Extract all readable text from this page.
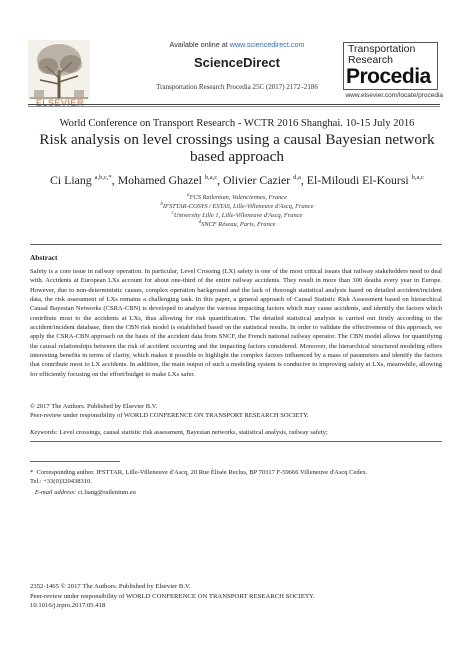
ELSEVIER
Available online at www.sciencedirect.com
ScienceDirect
Transportation Research Procedia 25C (2017) 2172–2186
Transportation
Research
Procedia
www.elsevier.com/locate/procedia
World Conference on Transport Research - WCTR 2016 Shanghai. 10-15 July 2016
Risk analysis on level crossings using a causal Bayesian network based approach
Ci Liang $^{a,b,c,*}$, Mohamed Ghazel $^{b,a,c}$, Olivier Cazier $^{d,a}$, El-Miloudi El-Koursi $^{b,a,c}$
$^a$FCS Railenium, Valenciennes, France
$^b$IFSTTAR-COSYS / ESTAS, Lille-Villeneuve d'Ascq, France
$^c$University Lille 1, Lille-Villeneuve d'Ascq, France
$^d$SNCF Réseau, Paris, France
Abstract

Safety is a core issue in railway operation. In particular, Level Crossing (LX) safety is one of the most critical issues that railway stakeholders need to deal with. Accidents at European LXs account for about one-third of the entire railway accidents. They result in more than 300 deaths every year in Europe. However, due to non-deterministic causes, complex operation background and the lack of thorough statistical analysis based on detailed accident/incident data, the risk assessment of LXs remains a challenging task. In this paper, a general approach of Causal Statistic Risk Assessment based on hierarchical Causal Bayesian Networks (CSRA-CBN) is developed to analyze the various impacting factors which may cause accidents, and identify the factors which contribute most to the accidents at LXs, thus allowing for risk quantification. The detailed statistical analysis is carried out firstly according to the accident/incident database, then the CBN risk model is established based on the statistical results. In order to validate the effectiveness of this approach, we apply the CSRA-CBN approach on the basis of the accident data from SNCF, the French national railway operator. The CBN model allows for quantifying the causal relationships between the risk of accident occurring and the impacting factors considered. Moreover, the hierarchical structured modeling offers interesting benefits in terms of clarity, which makes it possible to highlight the complex factors influenced by a mass of parameters and identify the factors that contribute most to LX accidents. In addition, the main output of such a modeling system is conducive to improving safety at LXs, meanwhile, allowing for efficiently focusing on the effort/budget to make LXs safer.

© 2017 The Authors. Published by Elsevier B.V.
Peer-review under responsibility of WORLD CONFERENCE ON TRANSPORT RESEARCH SOCIETY.
Keywords: Level crossings, causal statistic risk assessment, Bayesian networks, statistical analysis, railway safety;
* Corresponding author. IFSTTAR, Lille-Villeneuve d'Ascq, 20 Rue Élisée Reclus, BP 70317 F-59666 Villeneuve d'Ascq Cedex.
Tel.: +33(0)320438310.
E-mail address: ci.liang@railenium.eu
2352-1465 © 2017 The Authors. Published by Elsevier B.V.
Peer-review under responsibility of WORLD CONFERENCE ON TRANSPORT RESEARCH SOCIETY.
10.1016/j.trpro.2017.05.418
